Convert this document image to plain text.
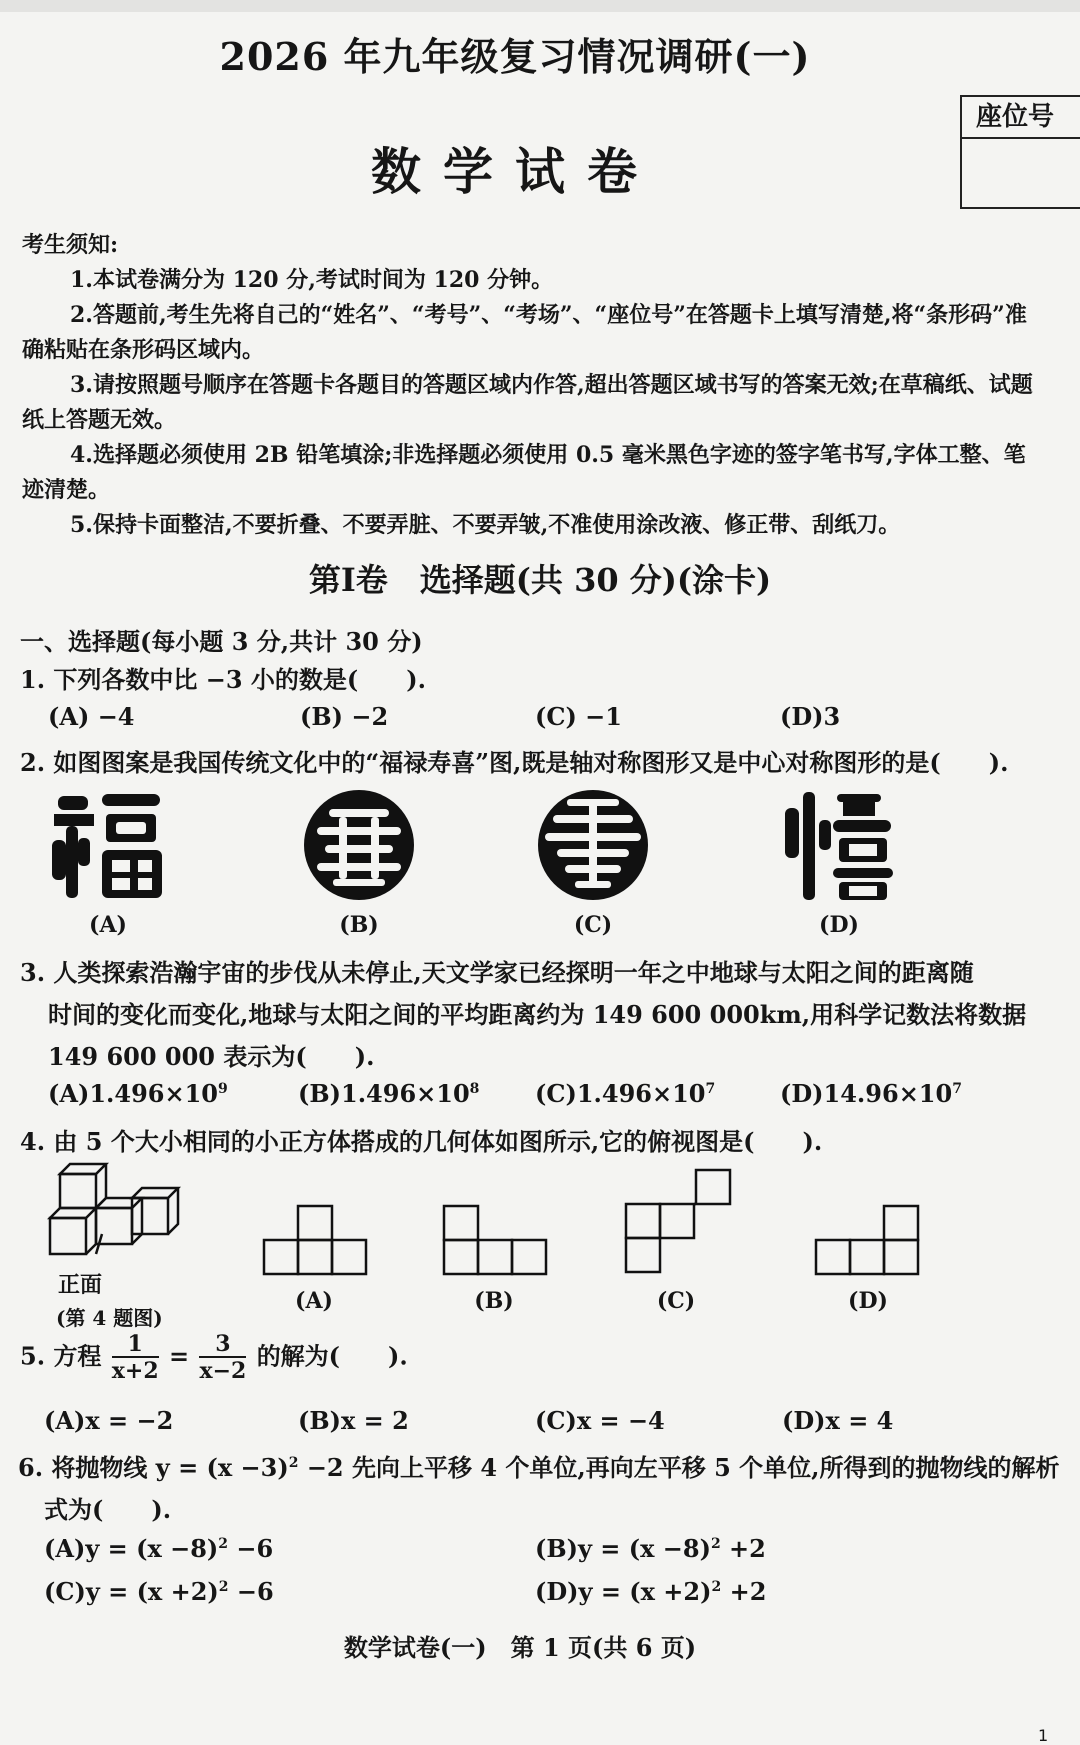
2026 年九年级复习情况调研(一)
数学试卷
座位号

考生须知:

1.本试卷满分为 120 分,考试时间为 120 分钟。

2.答题前,考生先将自己的“姓名”、“考号”、“考场”、“座位号”在答题卡上填写清楚,将“条形码”准确粘贴在条形码区域内。

3.请按照题号顺序在答题卡各题目的答题区域内作答,超出答题区域书写的答案无效;在草稿纸、试题纸上答题无效。

4.选择题必须使用 2B 铅笔填涂;非选择题必须使用 0.5 毫米黑色字迹的签字笔书写,字体工整、笔迹清楚。

5.保持卡面整洁,不要折叠、不要弄脏、不要弄皱,不准使用涂改液、修正带、刮纸刀。

第Ⅰ卷　选择题(共 30 分)(涂卡)
一、选择题(每小题 3 分,共计 30 分)
1. 下列各数中比 −3 小的数是(　　).
(A) −4	(B) −2	(C) −1	(D)3
2. 如图图案是我国传统文化中的“福禄寿喜”图,既是轴对称图形又是中心对称图形的是(　　).
(A)	(B)	(C)	(D)
3. 人类探索浩瀚宇宙的步伐从未停止,天文学家已经探明一年之中地球与太阳之间的距离随
时间的变化而变化,地球与太阳之间的平均距离约为 149 600 000km,用科学记数法将数据
149 600 000 表示为(　　).
$(A)1.496\times 10^9$	$(B)1.496\times 10^8$ $(C)1.496\times 10^7$	$(D)14.96\times 10^7$
4. 由 5 个大小相同的小正方体搭成的几何体如图所示,它的俯视图是(　　).
正面
(第 4 题图)
(A)	(B)	(C)	(D)
5. 方程 $\frac{1}{x+2} = \frac{3}{x-2}$ 的解为(　　).
(A)x = −2	(B)x = 2	(C)x = −4	(D)x = 4
6. 将抛物线 $y = (x -3)^2 -2$ 先向上平移 4 个单位,再向左平移 5 个单位,所得到的抛物线的解析
式为(　　).
$(A)y = (x -8)^2 -6$	$(B)y = (x -8)^2 +2$
$(C)y = (x +2)^2 -6$	$(D)y = (x +2)^2 +2$
数学试卷(一)　第 1 页(共 6 页)
1
